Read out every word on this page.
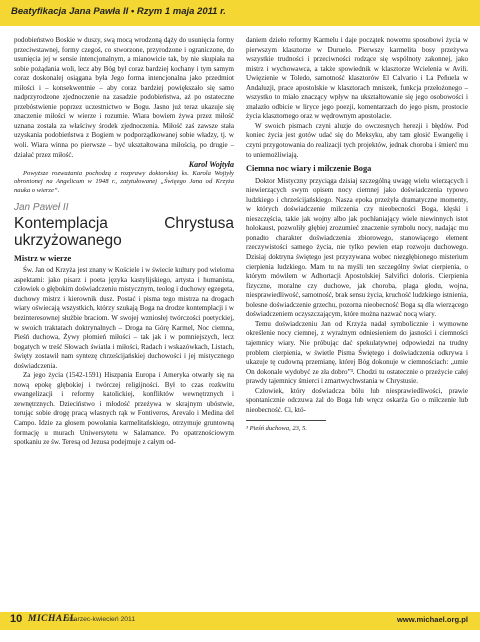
Beatyfikacja Jana Pawła II • Rzym 1 maja 2011 r.

podobieństwo Boskie w duszy, swą mocą wrodzoną dąży do usunięcia formy przeciwstawnej, formy czegoś, co stworzone, przyrodzone i ograniczone, do usunięcia jej w sensie intencjonalnym, a mianowicie tak, by nie skupiała na sobie pożądania woli, lecz aby Bóg był coraz bardziej kochany i tym samym coraz doskonalej osiągana była Jego forma intencjonalna jako przedmiot miłości i – konsekwentnie – aby coraz bardziej powiększało się samo nadprzyrodzone zjednoczenie na zasadzie podobieństwa, aż po ostateczne przebóstwienie poprzez uczestnictwo w Bogu. Jasno już teraz ukazuje się znaczenie miłości w wierze i rozumie. Wiara bowiem żywa przez miłość uznana została za właściwy środek zjednoczenia. Miłość zaś zawsze stała uzyskania podobieństwa z Bogiem w podporządkowanej sobie władzy, tj. w woli. Wiara winna po pierwsze – być ukształtowana miłością, po drugie – działać przez miłość.

Karol Wojtyła

Powyższe rozważania pochodzą z rozprawy doktorskiej ks. Karola Wojtyły obronionej na Angelicum w 1948 r., zatytułowanej „Święego Jana od Krzyża nauka o wierze”.

Jan Paweł II

Kontemplacja Chrystusa ukrzyżowanego

Mistrz w wierze

Św. Jan od Krzyża jest znany w Kościele i w świecie kultury pod wieloma aspektami: jako pisarz i poeta języka kastylijskiego, artysta i humanista, człowiek o głębokim doświadczeniu mistycznym, teolog i duchowy egzegeta, duchowy mistrz i kierownik dusz. Postać i pisma tego mistrza na drogach wiary oświecają wszystkich, którzy szukają Boga na drodze kontemplacji i w bezinteresownej służbie braciom. W swojej wzniosłej twórczości poetyckiej, w swoich traktatach doktrynalnych – Droga na Górę Karmel, Noc ciemna, Pieśń duchowa, Żywy płomień miłości – tak jak i w pomniejszych, lecz bogatych w treść Słowach światła i miłości, Radach i wskazówkach, Listach, święty zostawił nam syntezę chrześcijańskiej duchowości i jej mistycznego doświadczenia.

Za jego życia (1542-1591) Hiszpania Europa i Ameryka otwarły się na nową epokę głębokiej i twórczej religijności. Był to czas rozkwitu ewangelizacji i reformy katolickiej, konfliktów wewnętrznych i zewnętrznych. Dzieciństwo i młodość przeżywa w skrajnym ubóstwie, torując sobie drogę pracą własnych rąk w Fontiveros, Arevalo i Medina del Campo. Idzie za głosem powołania karmelitańskiego, otrzymuje gruntowną formację u murach Uniwersytetu w Salamance. Po opatrznościowym spotkaniu ze św. Teresą od Jezusa podejmuje z całym od-

daniem dzieło reformy Karmelu i daje początek nowemu sposobowi życia w pierwszym klasztorze w Duruelo. Pierwszy karmelita bosy przeżywa wszystkie trudności i przeciwności rodzące się wspólnoty zakonnej, jako mistrz i wychowawca, a także spowiednik w klasztorze Wcielenia w Avili. Uwięzienie w Toledo, samotność klasztorów El Calvario i La Peñuela w Andaluzji, prace apostolskie w klasztorach mniszek, funkcja przełożonego – wszystko to miało znaczący wpływ na ukształtowanie się jego osobowości i znalazło odbicie w liryce jego poezji, komentarzach do jego pism, prostocie życia klasztornego oraz w wędrownym apostolacie.

W swoich pismach czyni aluzje do owczesnych herezji i błędów. Pod koniec życia jest gotów udać się do Meksyku, aby tam głosić Ewangelię i czyni przygotowania do realizacji tych projektów, jednak choroba i śmierć mu to uniemożliwiają.

Ciemna noc wiary i milczenie Boga

Doktor Mistyczny przyciąga dzisiaj szczególną uwagę wielu wierzących i niewierzących swym opisem nocy ciemnej jako doświadczenia typowo ludzkiego i chrześcijańskiego. Nasza epoka przeżyła dramatyczne momenty, w których doświadczenie milczenia czy nieobecności Boga, klęski i nieszczęścia, takie jak wojny albo jak pochłaniający wiele niewinnych istot holokaust, pozwoliły głębiej zrozumieć znaczenie symbolu nocy, nadając mu ponadto charakter doświadczenia zbiorowego, stanowiącego element rzeczywistości samego życia, nie tylko pewien etap rozwoju duchowego. Dzisiaj doktryna świętego jest przyzywana wobec niezgłębionego misterium cierpienia ludzkiego. Mam tu na myśli ten szczególny świat cierpienia, o którym mówiłem w Adhortacji Apostolskiej Salvifici doloris. Cierpienia fizyczne, moralne czy duchowe, jak choroba, plaga głodu, wojna, niesprawiedliwość, samotność, brak sensu życia, kruchość ludzkiego istnienia, bolesne doświadczenie grzechu, pozorna nieobecność Boga są dla wierzącego doświadczeniem oczyszczającym, które można nazwać nocą wiary.

Temu doświadczeniu Jan od Krzyża nadał symbolicznie i wymowne określenie nocy ciemnej, z wyraźnym odniesieniem do jasności i ciemności tajemnicy wiary. Nie próbując dać spekulatywnej odpowiedzi na trudny problem cierpienia, w świetle Pisma Świętego i doświadczenia odkrywa i ukazuje tę cudowną przemianę, której Bóg dokonuje w ciemnościach: „umie On dokonale wydobyć ze zła dobro”³. Chodzi tu ostatecznie o przeżycie całej prawdy tajemnicy śmierci i zmartwychwstania w Chrystusie.

Człowiek, który doświadcza bólu lub niesprawiedliwości, prawie spontanicznie odczuwa żal do Boga lub wręcz oskarża Go o milczenie lub nieobecność. Ci, któ-

³ Pieśń duchowa, 23, 5.

10 MICHAEL
marzec-kwiecień 2011	www.michael.org.pl
